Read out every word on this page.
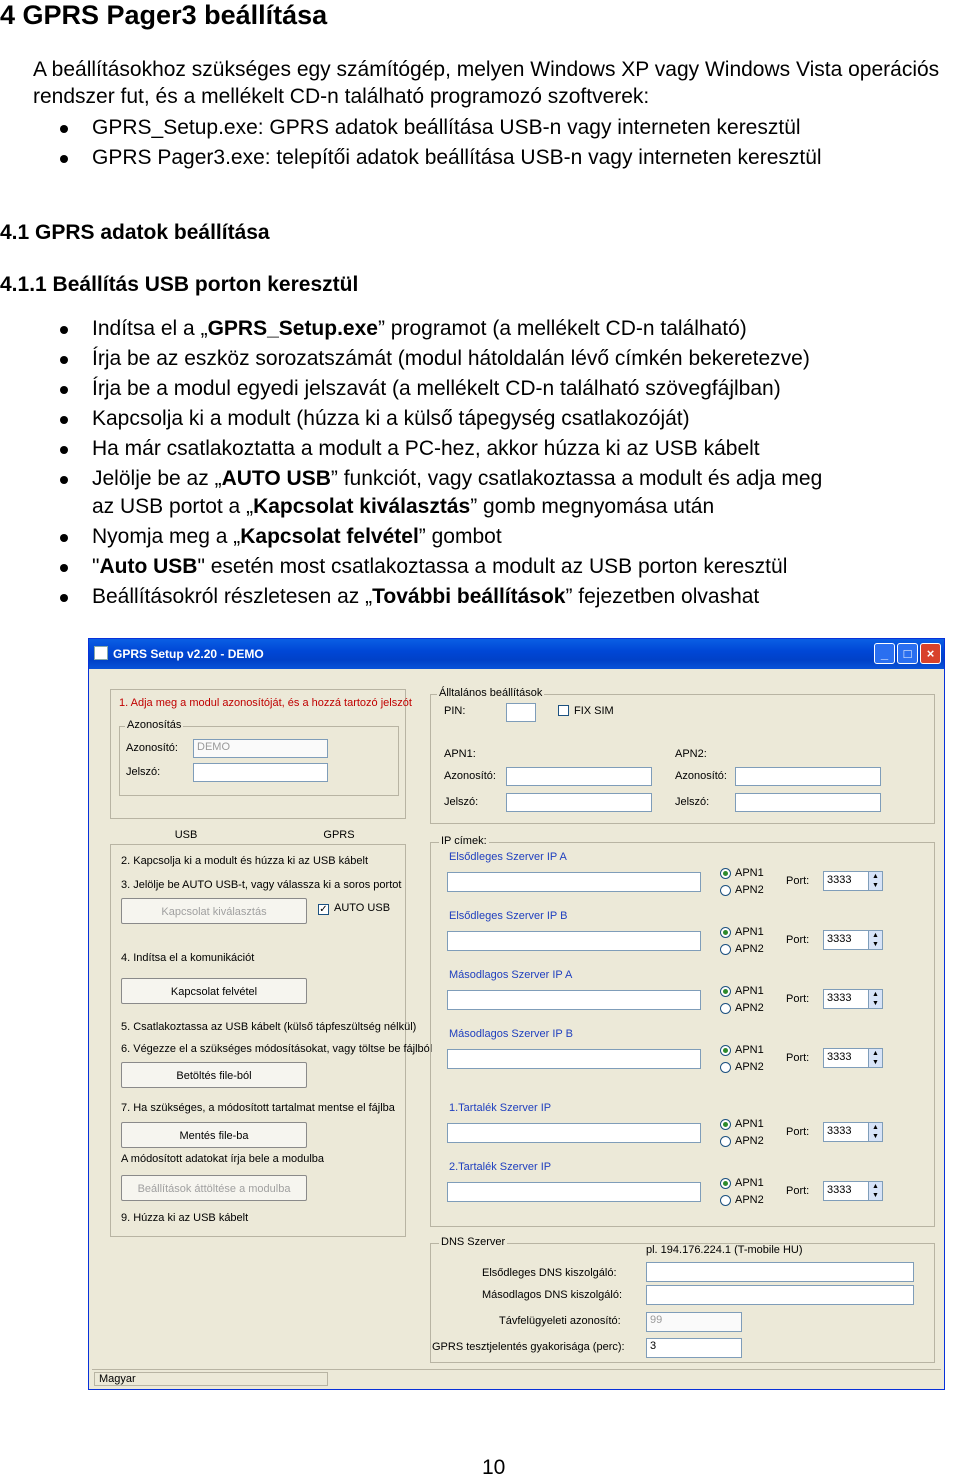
4 GPRS Pager3 beállítása
A beállításokhoz szükséges egy számítógép, melyen Windows XP vagy Windows Vista operációs rendszer fut, és a mellékelt CD-n található programozó szoftverek:
GPRS_Setup.exe: GPRS adatok beállítása USB-n vagy interneten keresztül
GPRS Pager3.exe: telepítői adatok beállítása USB-n vagy interneten keresztül
4.1 GPRS adatok beállítása
4.1.1 Beállítás USB porton keresztül
Indítsa el a „GPRS_Setup.exe” programot (a mellékelt CD-n található)
Írja be az eszköz sorozatszámát (modul hátoldalán lévő címkén bekeretezve)
Írja be a modul egyedi jelszavát (a mellékelt CD-n található szövegfájlban)
Kapcsolja ki a modult (húzza ki a külső tápegység csatlakozóját)
Ha már csatlakoztatta a modult a PC-hez, akkor húzza ki az USB kábelt
Jelölje be az „AUTO USB” funkciót, vagy csatlakoztassa a modult és adja meg
az USB portot a „Kapcsolat kiválasztás” gomb megnyomása után
Nyomja meg a „Kapcsolat felvétel” gombot
"Auto USB" esetén most csatlakoztassa a modult az USB porton keresztül
Beállításokról részletesen az „További beállítások” fejezetben olvashat
GPRS Setup v2.20 - DEMO	_	□	×
1. Adja meg a modul azonosítóját, és a hozzá tartozó jelszót
Azonosítás
Azonosító:	DEMO
Jelszó:
USB	GPRS
2. Kapcsolja ki a modult és húzza ki az USB kábelt
3. Jelölje be AUTO USB-t, vagy válassza ki a soros portot
Kapcsolat kiválasztás	✓ AUTO USB
4. Indítsa el a komunikációt
Kapcsolat felvétel
5. Csatlakoztassa az USB kábelt (külső tápfeszültség nélkül)
6. Végezze el a szükséges módosításokat, vagy töltse be fájlból
Betöltés file-ból
7. Ha szükséges, a módosított tartalmat mentse el fájlba
Mentés file-ba
A módosított adatokat írja bele a modulba
Beállítások áttöltése a modulba
9. Húzza ki az USB kábelt
Álltalános beállítások
PIN:	FIX SIM
APN1:	APN2:
Azonosító:	Azonosító:
Jelszó:	Jelszó:
IP címek:
Elsődleges Szerver IP A
APN1
APN2
Port:	3333	▲
▼
Elsődleges Szerver IP B
APN1
APN2
Port:	3333	▲
▼
Másodlagos Szerver IP A
APN1
APN2
Port:	3333	▲
▼
Másodlagos Szerver IP B
APN1
APN2
Port:	3333	▲
▼
1.Tartalék Szerver IP
APN1
APN2
Port:	3333	▲
▼
2.Tartalék Szerver IP
APN1
APN2
Port:	3333	▲
▼
DNS Szerver
pl. 194.176.224.1 (T-mobile HU)
Elsődleges DNS kiszolgáló:
Másodlagos DNS kiszolgáló:
Távfelügyeleti azonosító:	99
GPRS tesztjelentés gyakorisága (perc):	3
Magyar
10
